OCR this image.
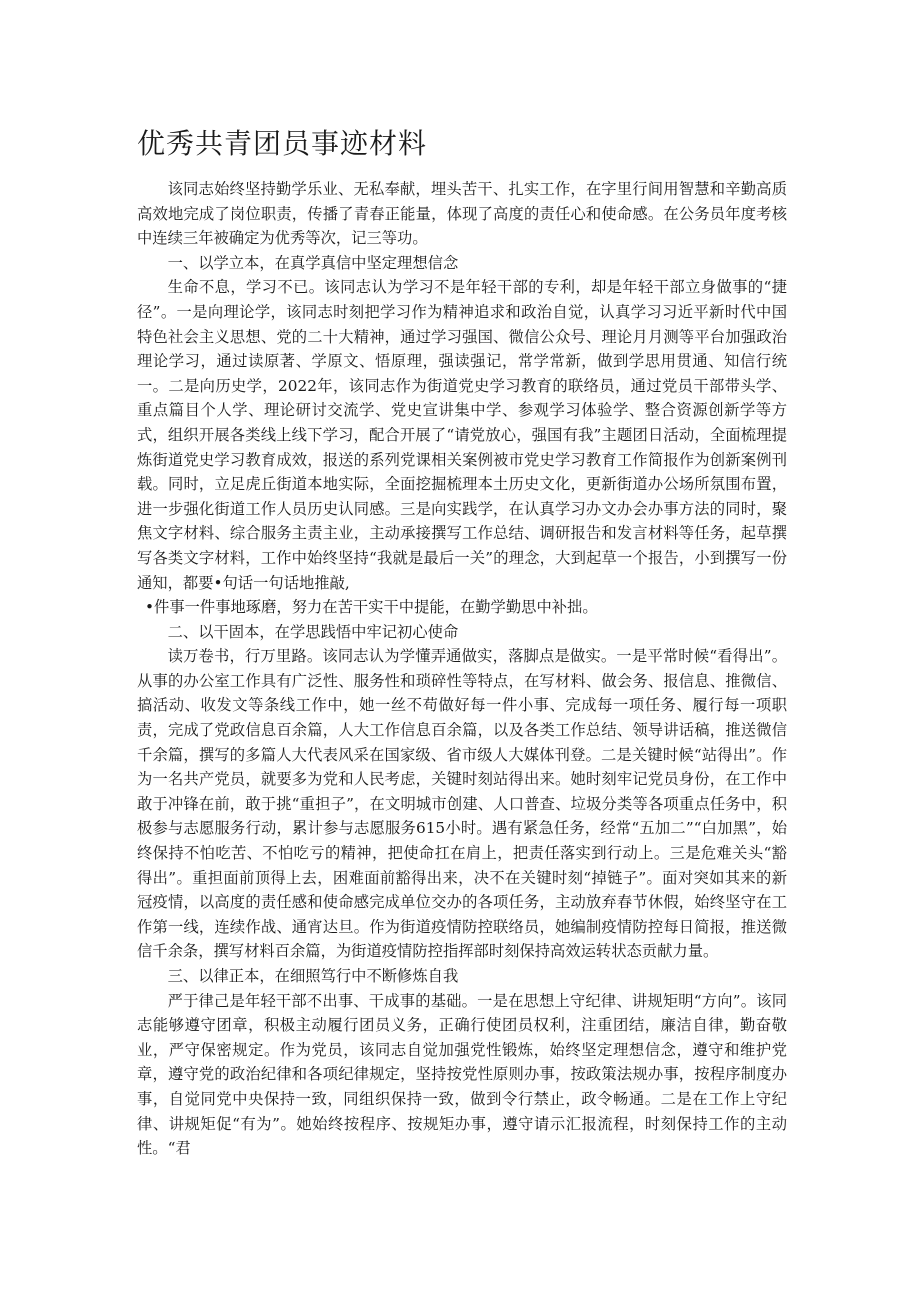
优秀共青团员事迹材料

该同志始终坚持勤学乐业、无私奉献，埋头苦干、扎实工作，在字里行间用智慧和辛勤高质高效地完成了岗位职责，传播了青春正能量，体现了高度的责任心和使命感。在公务员年度考核中连续三年被确定为优秀等次，记三等功。

一、以学立本，在真学真信中坚定理想信念

生命不息，学习不已。该同志认为学习不是年轻干部的专利，却是年轻干部立身做事的“捷径”。一是向理论学，该同志时刻把学习作为精神追求和政治自觉，认真学习习近平新时代中国特色社会主义思想、党的二十大精神，通过学习强国、微信公众号、理论月月测等平台加强政治理论学习，通过读原著、学原文、悟原理，强读强记，常学常新，做到学思用贯通、知信行统一。二是向历史学，2022年，该同志作为街道党史学习教育的联络员，通过党员干部带头学、重点篇目个人学、理论研讨交流学、党史宣讲集中学、参观学习体验学、整合资源创新学等方式，组织开展各类线上线下学习，配合开展了“请党放心，强国有我”主题团日活动，全面梳理提炼街道党史学习教育成效，报送的系列党课相关案例被市党史学习教育工作简报作为创新案例刊载。同时，立足虎丘街道本地实际，全面挖掘梳理本土历史文化，更新街道办公场所氛围布置，进一步强化街道工作人员历史认同感。三是向实践学，在认真学习办文办会办事方法的同时，聚焦文字材料、综合服务主责主业，主动承接撰写工作总结、调研报告和发言材料等任务，起草撰写各类文字材料，工作中始终坚持“我就是最后一关”的理念，大到起草一个报告，小到撰写一份通知，都要•句话一句话地推敲,

•件事一件事地琢磨，努力在苦干实干中提能，在勤学勤思中补拙。

二、以干固本，在学思践悟中牢记初心使命

读万卷书，行万里路。该同志认为学懂弄通做实，落脚点是做实。一是平常时候“看得出”。从事的办公室工作具有广泛性、服务性和琐碎性等特点，在写材料、做会务、报信息、推微信、搞活动、收发文等条线工作中，她一丝不苟做好每一件小事、完成每一项任务、履行每一项职责，完成了党政信息百余篇，人大工作信息百余篇，以及各类工作总结、领导讲话稿，推送微信千余篇，撰写的多篇人大代表风采在国家级、省市级人大媒体刊登。二是关键时候“站得出”。作为一名共产党员，就要多为党和人民考虑，关键时刻站得出来。她时刻牢记党员身份，在工作中敢于冲锋在前，敢于挑“重担子”，在文明城市创建、人口普查、垃圾分类等各项重点任务中，积极参与志愿服务行动，累计参与志愿服务615小时。遇有紧急任务，经常“五加二”“白加黑”，始终保持不怕吃苦、不怕吃亏的精神，把使命扛在肩上，把责任落实到行动上。三是危难关头“豁得出”。重担面前顶得上去，困难面前豁得出来，决不在关键时刻“掉链子”。面对突如其来的新冠疫情，以高度的责任感和使命感完成单位交办的各项任务，主动放弃春节休假，始终坚守在工作第一线，连续作战、通宵达旦。作为街道疫情防控联络员，她编制疫情防控每日简报，推送微信千余条，撰写材料百余篇，为街道疫情防控指挥部时刻保持高效运转状态贡献力量。

三、以律正本，在细照笃行中不断修炼自我

严于律己是年轻干部不出事、干成事的基础。一是在思想上守纪律、讲规矩明“方向”。该同志能够遵守团章，积极主动履行团员义务，正确行使团员权利，注重团结，廉洁自律，勤奋敬业，严守保密规定。作为党员，该同志自觉加强党性锻炼，始终坚定理想信念，遵守和维护党章，遵守党的政治纪律和各项纪律规定，坚持按党性原则办事，按政策法规办事，按程序制度办事，自觉同党中央保持一致，同组织保持一致，做到令行禁止，政令畅通。二是在工作上守纪律、讲规矩促“有为”。她始终按程序、按规矩办事，遵守请示汇报流程，时刻保持工作的主动性。“君
